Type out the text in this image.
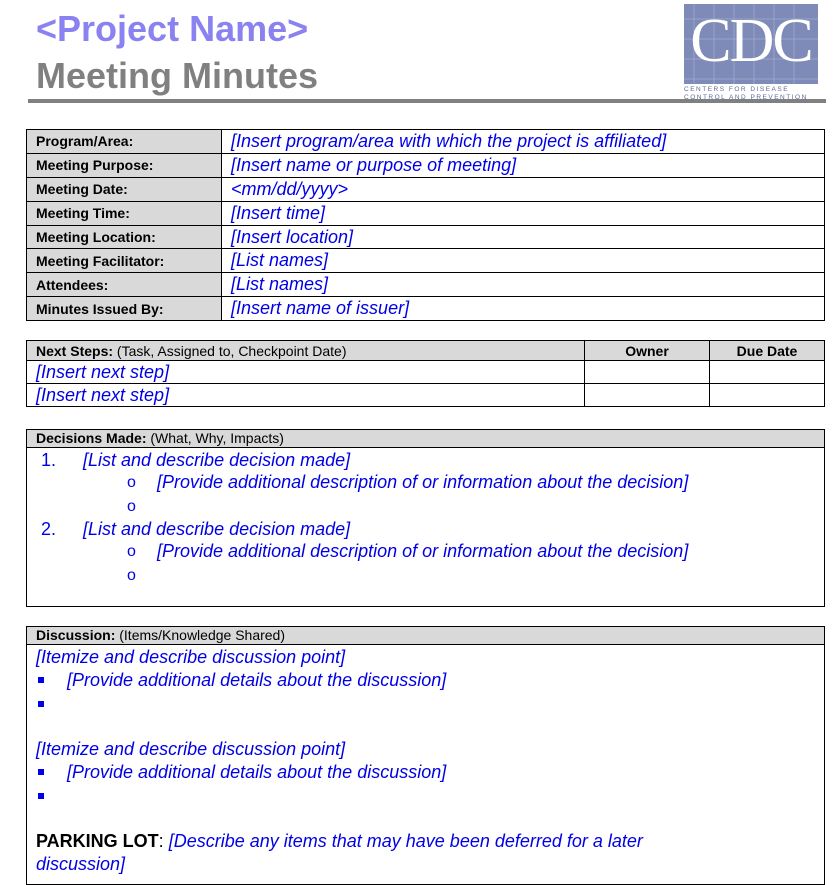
<Project Name>
Meeting Minutes
CDC
CENTERS FOR DISEASE
CONTROL AND PREVENTION
Program/Area:	[Insert program/area with which the project is affiliated]
Meeting Purpose:	[Insert name or purpose of meeting]
Meeting Date:	<mm/dd/yyyy>
Meeting Time:	[Insert time]
Meeting Location:	[Insert location]
Meeting Facilitator:	[List names]
Attendees:	[List names]
Minutes Issued By:	[Insert name of issuer]
Next Steps: (Task, Assigned to, Checkpoint Date)	Owner	Due Date
[Insert next step]		
[Insert next step]		
Decisions Made: (What, Why, Impacts)
1. [List and describe decision made]
o [Provide additional description of or information about the decision]
o
2. [List and describe decision made]
o [Provide additional description of or information about the decision]
o
Discussion: (Items/Knowledge Shared)
[Itemize and describe discussion point]
[Provide additional details about the discussion]
[Itemize and describe discussion point]
[Provide additional details about the discussion]
PARKING LOT: [Describe any items that may have been deferred for a later
discussion]
